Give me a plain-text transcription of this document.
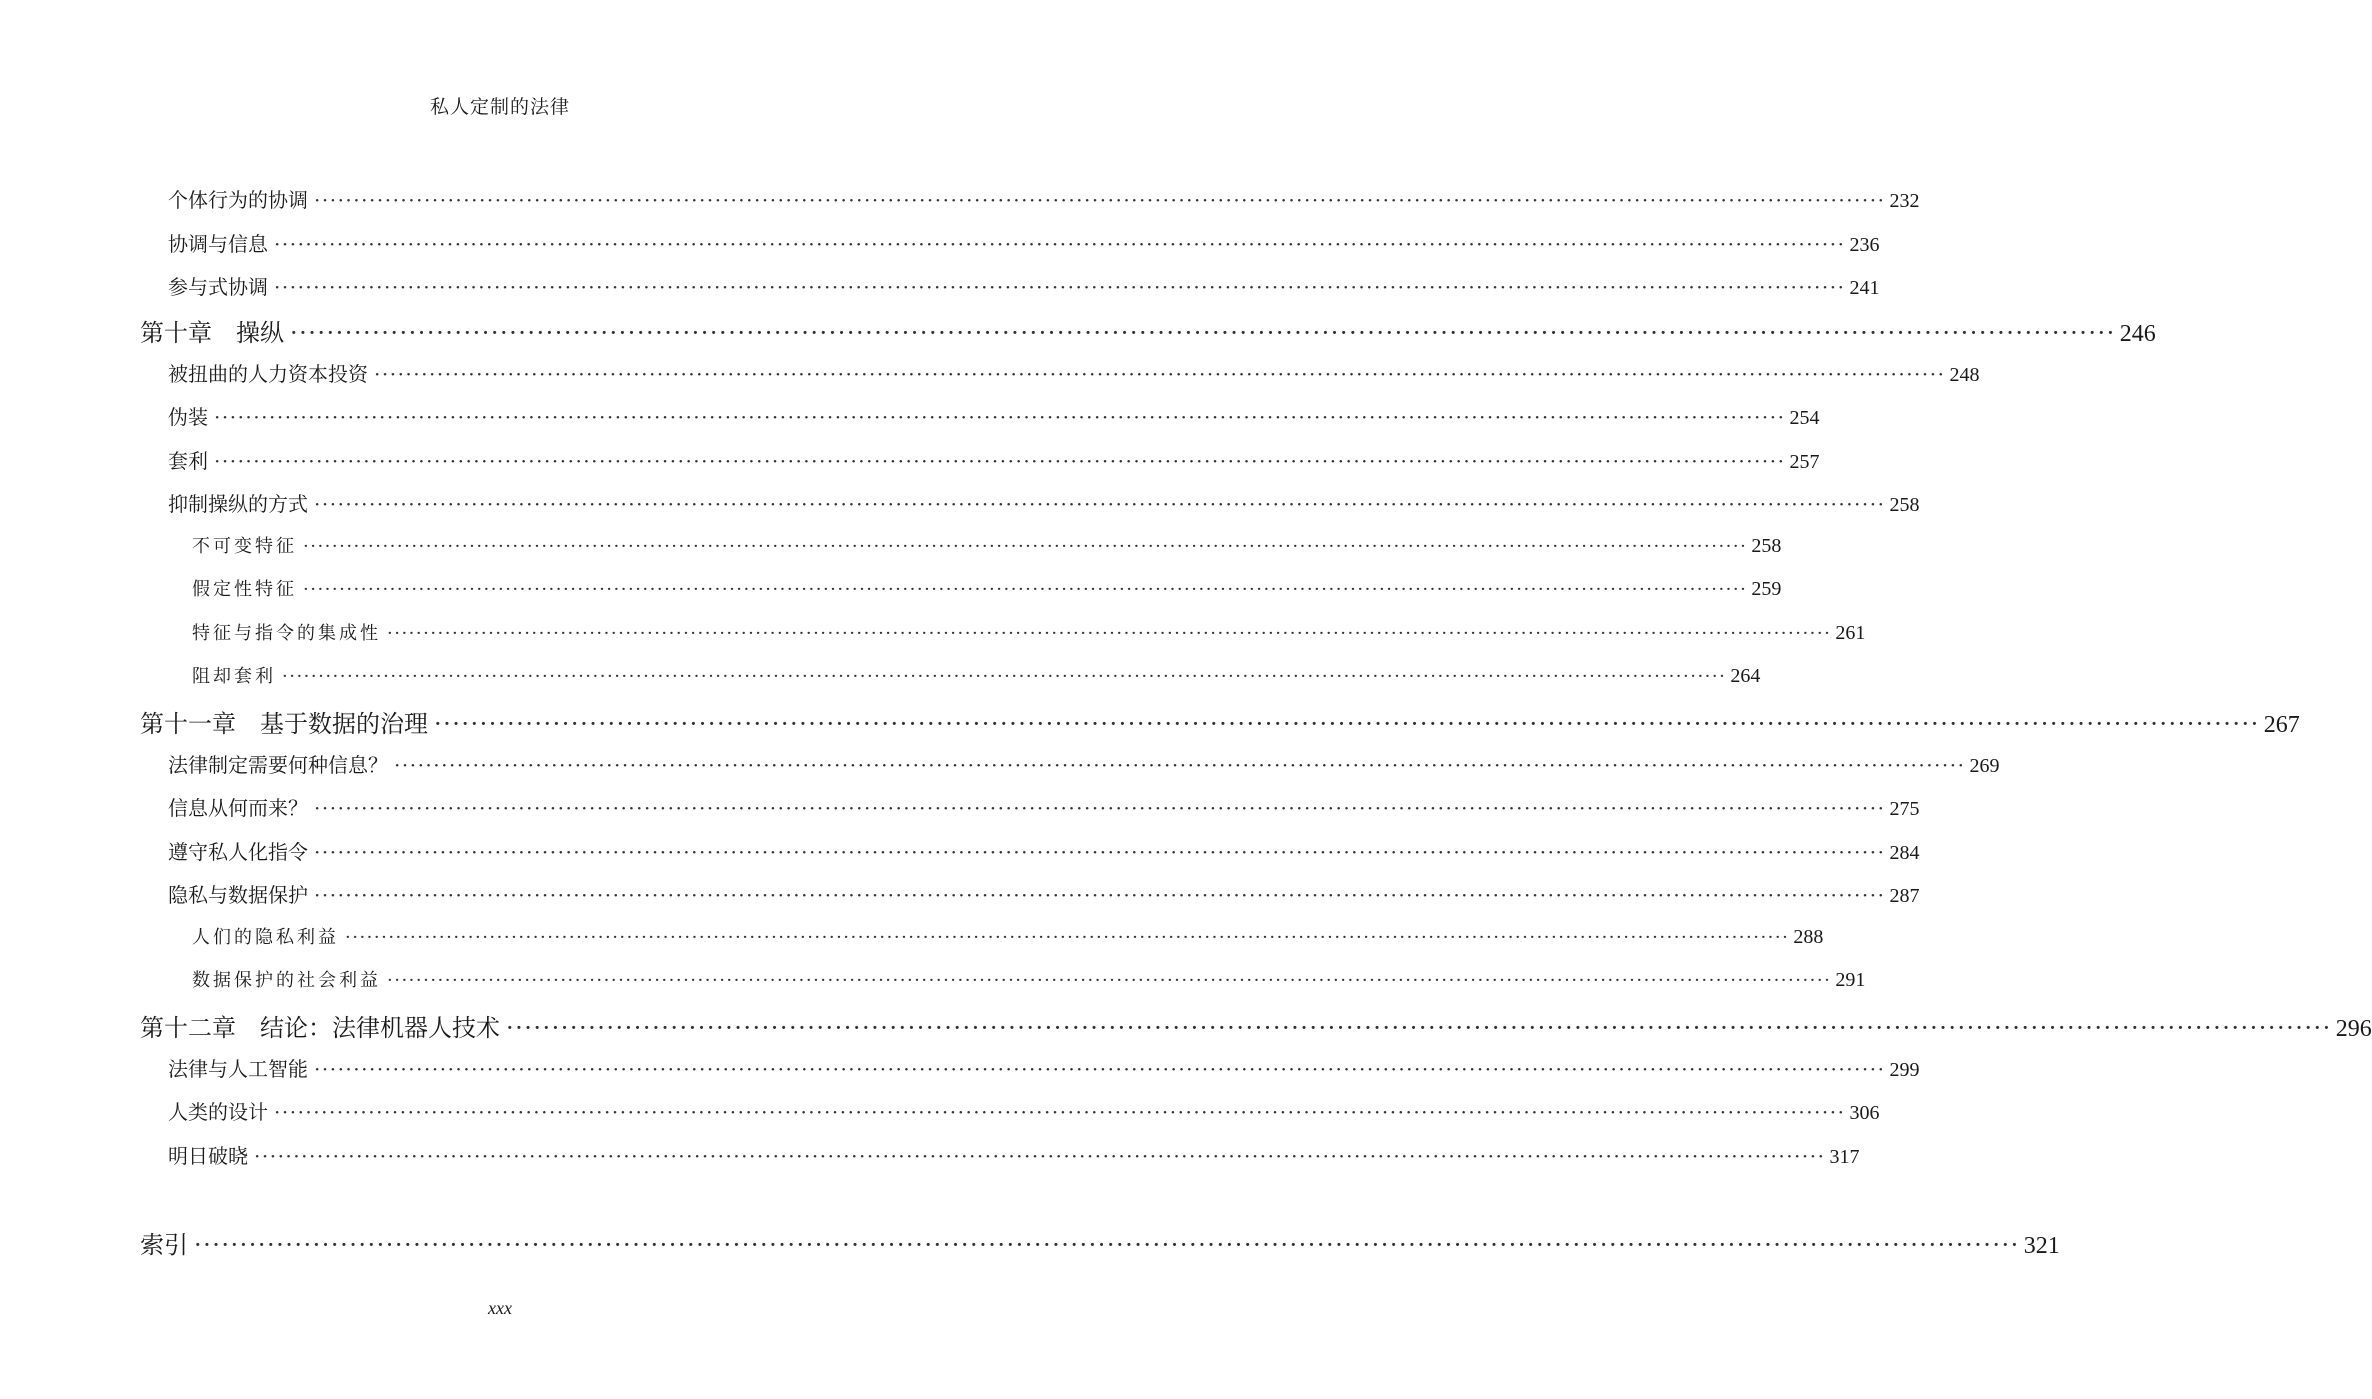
私人定制的法律
个体行为的协调 ········································································································································································································ 232
协调与信息 ········································································································································································································ 236
参与式协调 ········································································································································································································ 241
第十章　操纵 ········································································································································································································ 246
被扭曲的人力资本投资 ········································································································································································································ 248
伪装 ········································································································································································································ 254
套利 ········································································································································································································ 257
抑制操纵的方式 ········································································································································································································ 258
不可变特征 ········································································································································································································ 258
假定性特征 ········································································································································································································ 259
特征与指令的集成性 ········································································································································································································ 261
阻却套利 ········································································································································································································ 264
第十一章　基于数据的治理 ········································································································································································································ 267
法律制定需要何种信息？ ········································································································································································································ 269
信息从何而来？ ········································································································································································································ 275
遵守私人化指令 ········································································································································································································ 284
隐私与数据保护 ········································································································································································································ 287
人们的隐私利益 ········································································································································································································ 288
数据保护的社会利益 ········································································································································································································ 291
第十二章　结论：法律机器人技术 ········································································································································································································ 296
法律与人工智能 ········································································································································································································ 299
人类的设计 ········································································································································································································ 306
明日破晓 ········································································································································································································ 317
索引 ········································································································································································································ 321
xxx
